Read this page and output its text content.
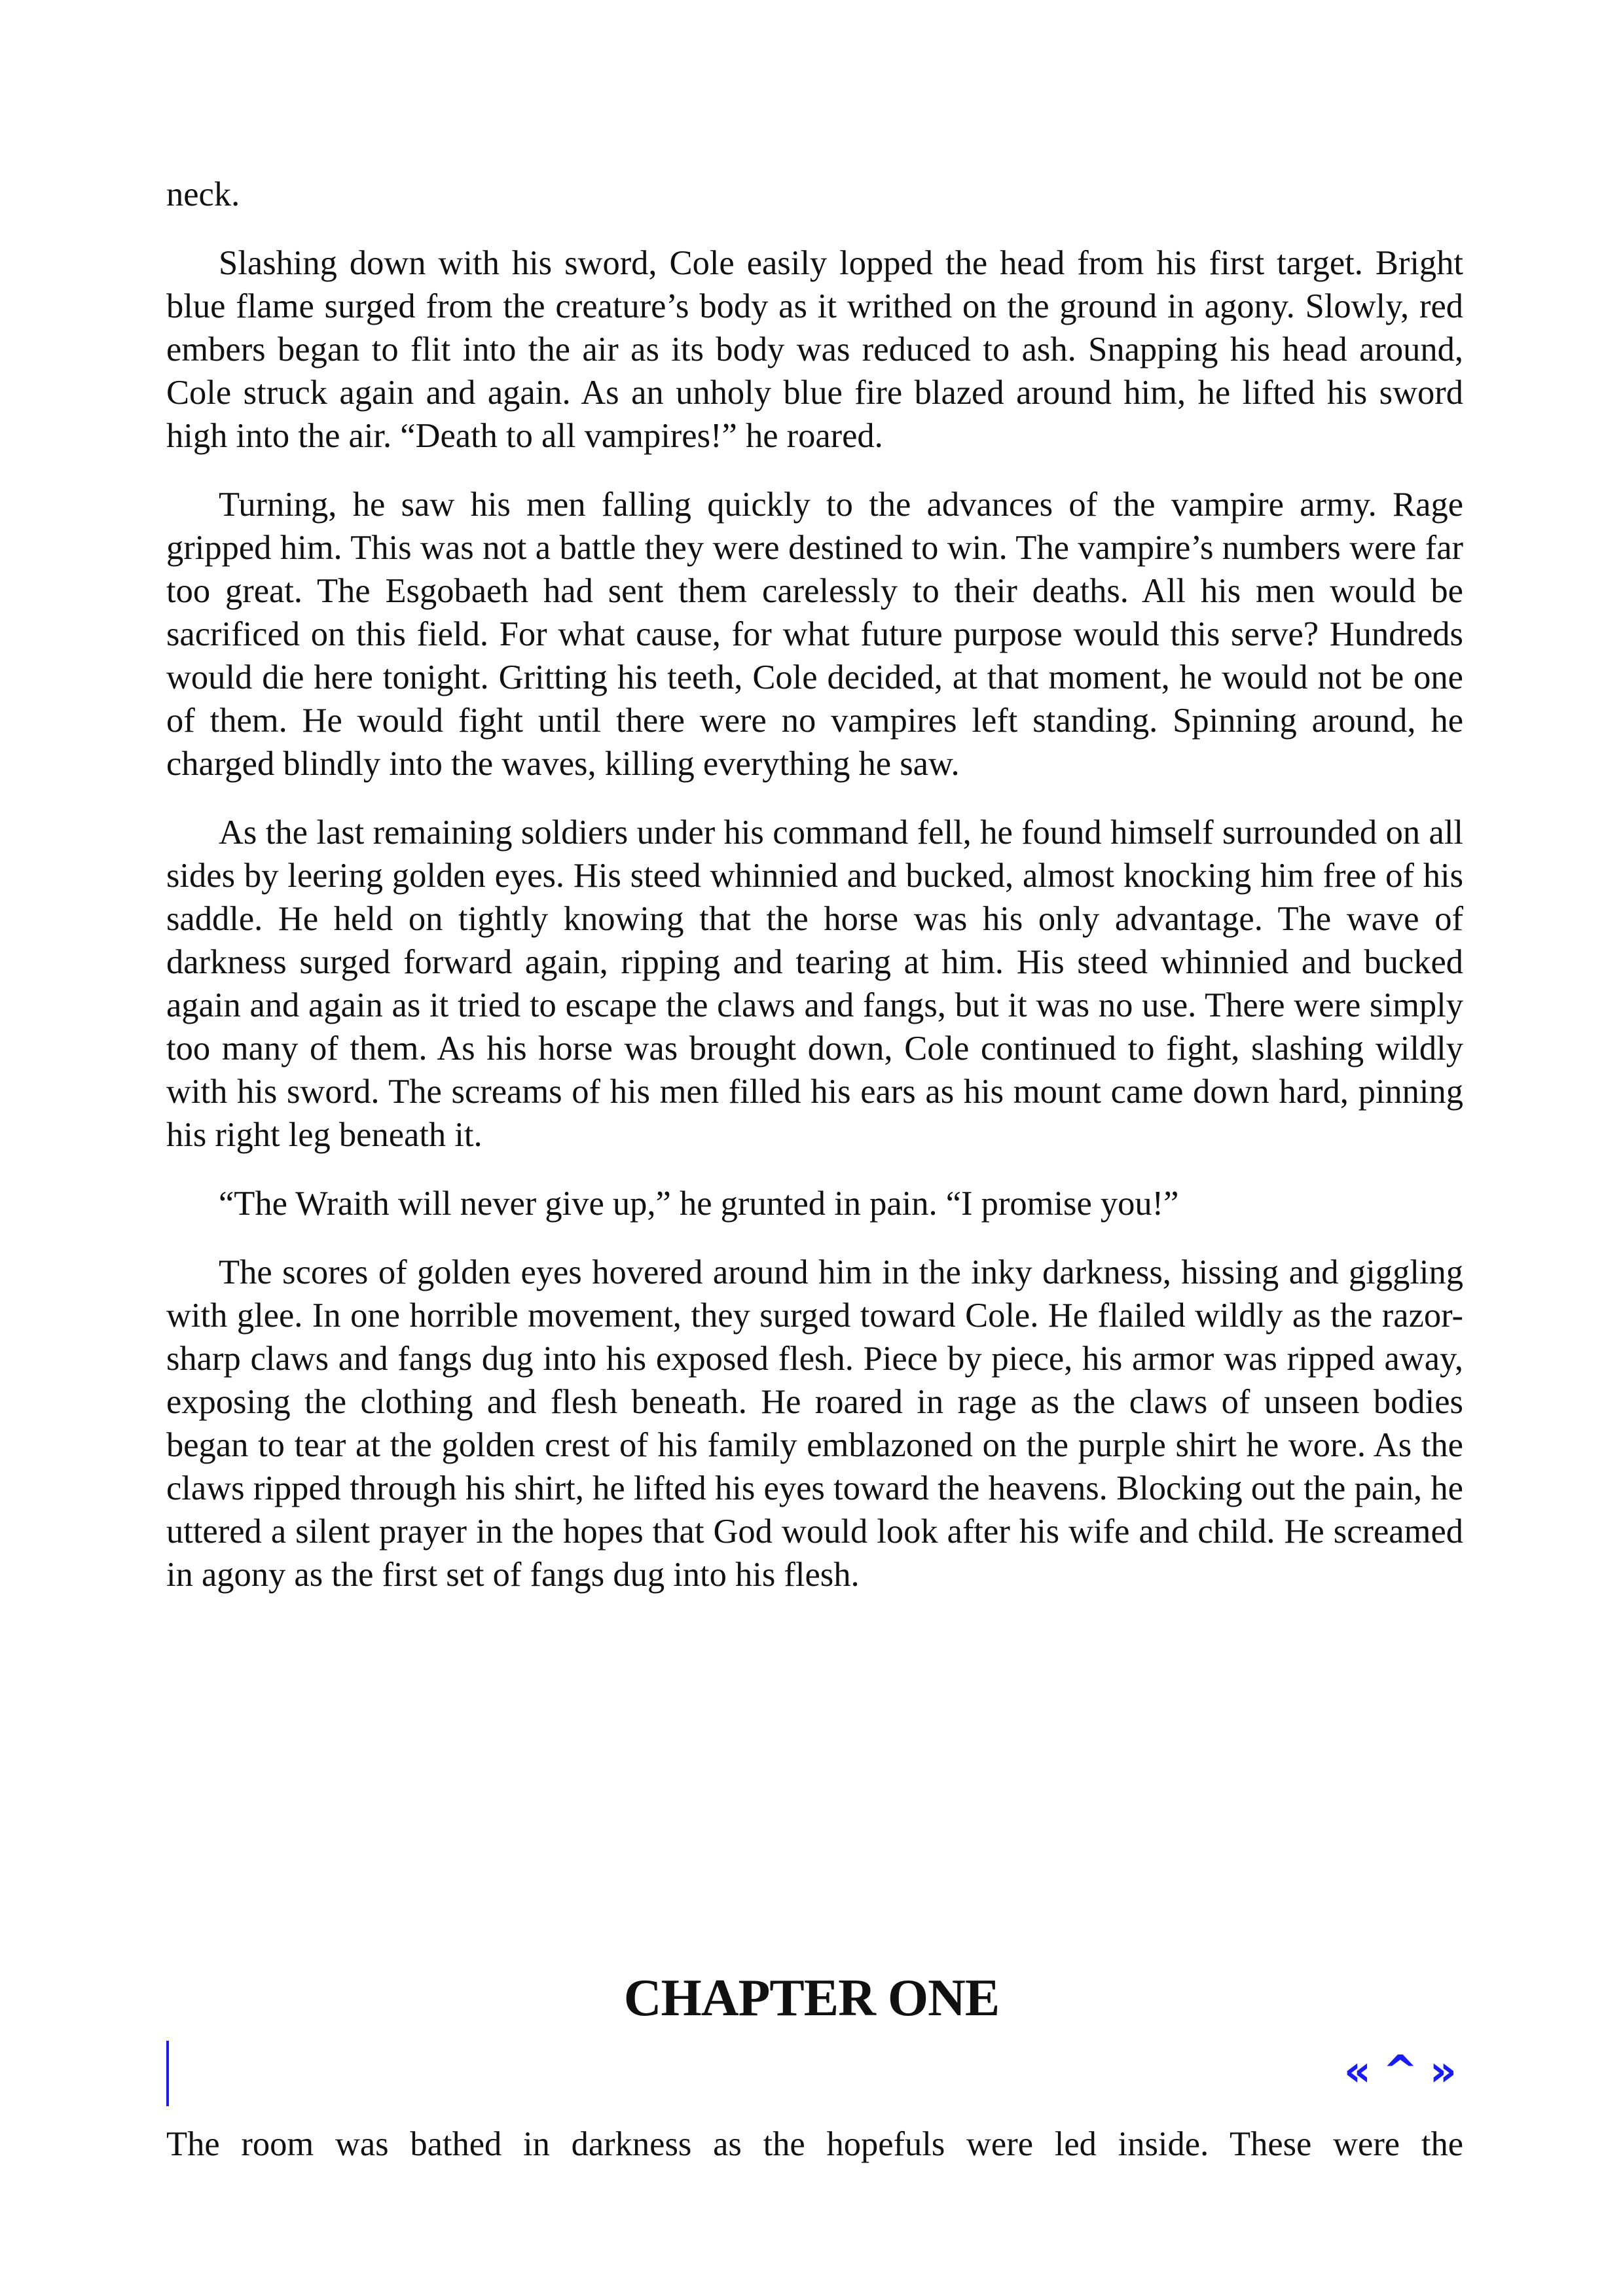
neck.

Slashing down with his sword, Cole easily lopped the head from his first target. Bright blue flame surged from the creature’s body as it writhed on the ground in agony. Slowly, red embers began to flit into the air as its body was reduced to ash. Snapping his head around, Cole struck again and again. As an unholy blue fire blazed around him, he lifted his sword high into the air. “Death to all vampires!” he roared.

Turning, he saw his men falling quickly to the advances of the vampire army. Rage gripped him. This was not a battle they were destined to win. The vampire’s numbers were far too great. The Esgobaeth had sent them carelessly to their deaths. All his men would be sacrificed on this field. For what cause, for what future purpose would this serve? Hundreds would die here tonight. Gritting his teeth, Cole decided, at that moment, he would not be one of them. He would fight until there were no vampires left standing. Spinning around, he charged blindly into the waves, killing everything he saw.

As the last remaining soldiers under his command fell, he found himself surrounded on all sides by leering golden eyes. His steed whinnied and bucked, almost knocking him free of his saddle. He held on tightly knowing that the horse was his only advantage. The wave of darkness surged forward again, ripping and tearing at him. His steed whinnied and bucked again and again as it tried to escape the claws and fangs, but it was no use. There were simply too many of them. As his horse was brought down, Cole continued to fight, slashing wildly with his sword. The screams of his men filled his ears as his mount came down hard, pinning his right leg beneath it.

“The Wraith will never give up,” he grunted in pain. “I promise you!”

The scores of golden eyes hovered around him in the inky darkness, hissing and giggling with glee. In one horrible movement, they surged toward Cole. He flailed wildly as the razor-sharp claws and fangs dug into his exposed flesh. Piece by piece, his armor was ripped away, exposing the clothing and flesh beneath. He roared in rage as the claws of unseen bodies began to tear at the golden crest of his family emblazoned on the purple shirt he wore. As the claws ripped through his shirt, he lifted his eyes toward the heavens. Blocking out the pain, he uttered a silent prayer in the hopes that God would look after his wife and child. He screamed in agony as the first set of fangs dug into his flesh.

CHAPTER ONE
« ^ »

The room was bathed in darkness as the hopefuls were led inside. These were the
